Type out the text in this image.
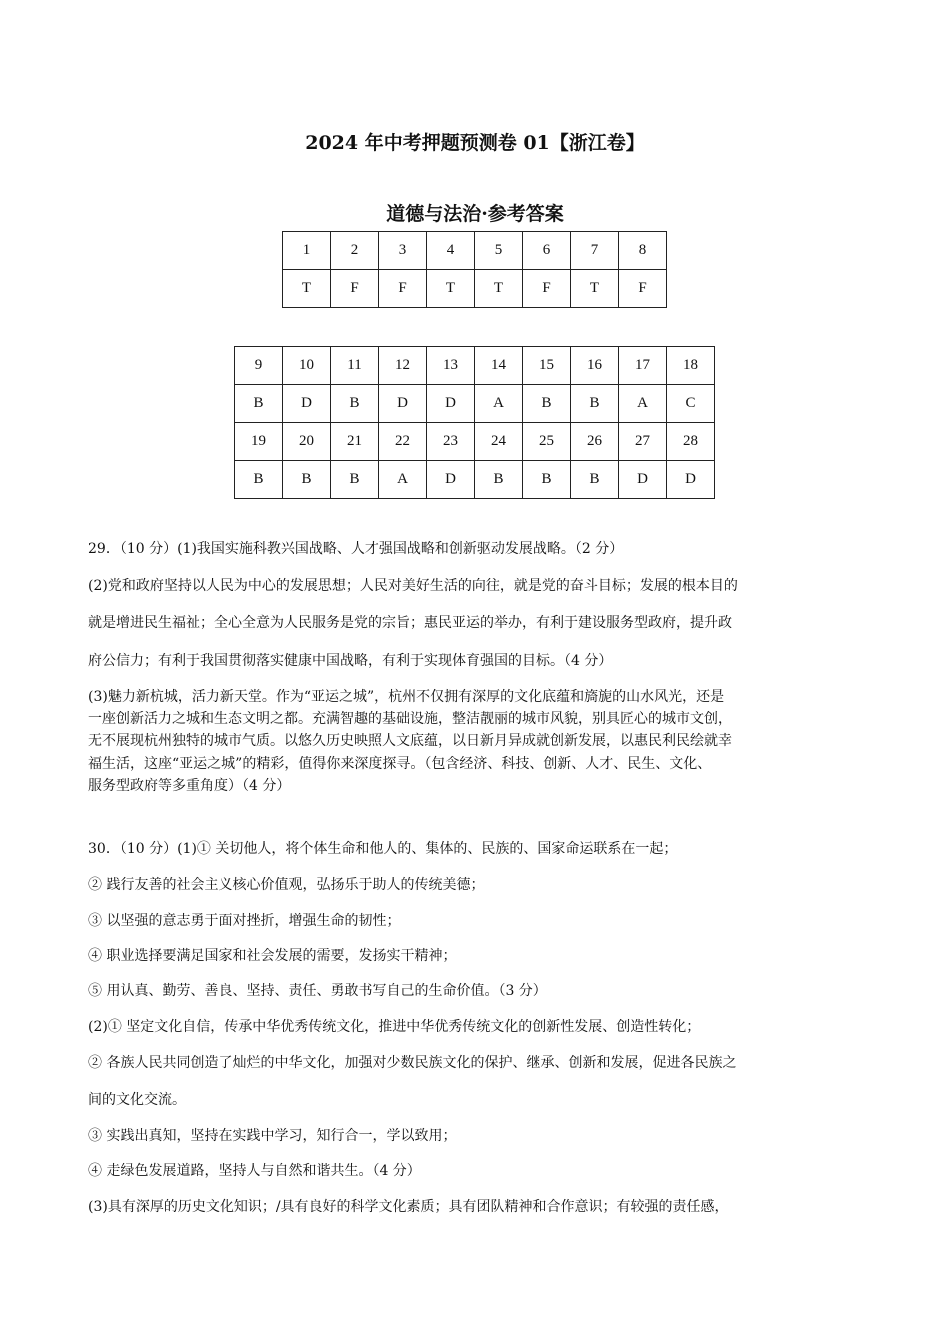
2024 年中考押题预测卷 01【浙江卷】
道德与法治·参考答案
1	2	3	4	5	6	7	8
T	F	F	T	T	F	T	F
9	10	11	12	13	14	15	16	17	18
B	D	B	D	D	A	B	B	A	C
19	20	21	22	23	24	25	26	27	28
B	B	B	A	D	B	B	B	D	D
29．（10 分）(1)我国实施科教兴国战略、人才强国战略和创新驱动发展战略。（2 分）
(2)党和政府坚持以人民为中心的发展思想；人民对美好生活的向往，就是党的奋斗目标；发展的根本目的
就是增进民生福祉；全心全意为人民服务是党的宗旨；惠民亚运的举办，有利于建设服务型政府，提升政
府公信力；有利于我国贯彻落实健康中国战略，有利于实现体育强国的目标。（4 分）
(3)魅力新杭城，活力新天堂。作为“亚运之城”，杭州不仅拥有深厚的文化底蕴和旖旎的山水风光，还是
一座创新活力之城和生态文明之都。充满智趣的基础设施，整洁靓丽的城市风貌，别具匠心的城市文创，
无不展现杭州独特的城市气质。以悠久历史映照人文底蕴，以日新月异成就创新发展，以惠民利民绘就幸
福生活，这座“亚运之城”的精彩，值得你来深度探寻。（包含经济、科技、创新、人才、民生、文化、
服务型政府等多重角度）（4 分）
30．（10 分）(1)① 关切他人，将个体生命和他人的、集体的、民族的、国家命运联系在一起；
② 践行友善的社会主义核心价值观，弘扬乐于助人的传统美德；
③ 以坚强的意志勇于面对挫折，增强生命的韧性；
④ 职业选择要满足国家和社会发展的需要，发扬实干精神；
⑤ 用认真、勤劳、善良、坚持、责任、勇敢书写自己的生命价值。（3 分）
(2)① 坚定文化自信，传承中华优秀传统文化，推进中华优秀传统文化的创新性发展、创造性转化；
② 各族人民共同创造了灿烂的中华文化，加强对少数民族文化的保护、继承、创新和发展，促进各民族之
间的文化交流。
③ 实践出真知，坚持在实践中学习，知行合一，学以致用；
④ 走绿色发展道路，坚持人与自然和谐共生。（4 分）
(3)具有深厚的历史文化知识；/具有良好的科学文化素质；具有团队精神和合作意识；有较强的责任感，
